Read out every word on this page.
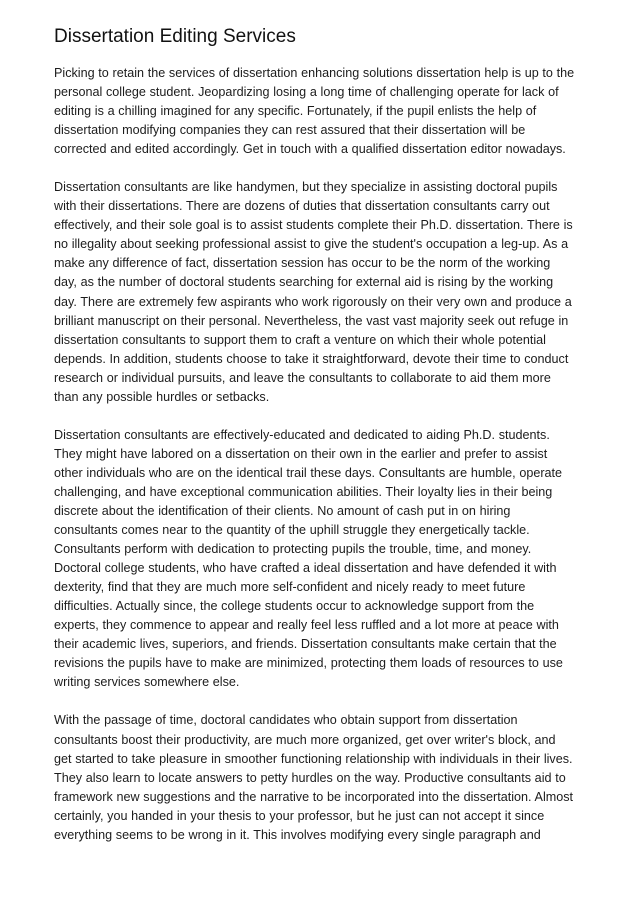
Dissertation Editing Services
Picking to retain the services of dissertation enhancing solutions dissertation help is up to the
personal college student. Jeopardizing losing a long time of challenging operate for lack of
editing is a chilling imagined for any specific. Fortunately, if the pupil enlists the help of
dissertation modifying companies they can rest assured that their dissertation will be
corrected and edited accordingly. Get in touch with a qualified dissertation editor nowadays.
Dissertation consultants are like handymen, but they specialize in assisting doctoral pupils
with their dissertations. There are dozens of duties that dissertation consultants carry out
effectively, and their sole goal is to assist students complete their Ph.D. dissertation. There is
no illegality about seeking professional assist to give the student's occupation a leg-up. As a
make any difference of fact, dissertation session has occur to be the norm of the working
day, as the number of doctoral students searching for external aid is rising by the working
day. There are extremely few aspirants who work rigorously on their very own and produce a
brilliant manuscript on their personal. Nevertheless, the vast vast majority seek out refuge in
dissertation consultants to support them to craft a venture on which their whole potential
depends. In addition, students choose to take it straightforward, devote their time to conduct
research or individual pursuits, and leave the consultants to collaborate to aid them more
than any possible hurdles or setbacks.
Dissertation consultants are effectively-educated and dedicated to aiding Ph.D. students.
They might have labored on a dissertation on their own in the earlier and prefer to assist
other individuals who are on the identical trail these days. Consultants are humble, operate
challenging, and have exceptional communication abilities. Their loyalty lies in their being
discrete about the identification of their clients. No amount of cash put in on hiring
consultants comes near to the quantity of the uphill struggle they energetically tackle.
Consultants perform with dedication to protecting pupils the trouble, time, and money.
Doctoral college students, who have crafted a ideal dissertation and have defended it with
dexterity, find that they are much more self-confident and nicely ready to meet future
difficulties. Actually since, the college students occur to acknowledge support from the
experts, they commence to appear and really feel less ruffled and a lot more at peace with
their academic lives, superiors, and friends. Dissertation consultants make certain that the
revisions the pupils have to make are minimized, protecting them loads of resources to use
writing services somewhere else.
With the passage of time, doctoral candidates who obtain support from dissertation
consultants boost their productivity, are much more organized, get over writer's block, and
get started to take pleasure in smoother functioning relationship with individuals in their lives.
They also learn to locate answers to petty hurdles on the way. Productive consultants aid to
framework new suggestions and the narrative to be incorporated into the dissertation. Almost
certainly, you handed in your thesis to your professor, but he just can not accept it since
everything seems to be wrong in it. This involves modifying every single paragraph and
